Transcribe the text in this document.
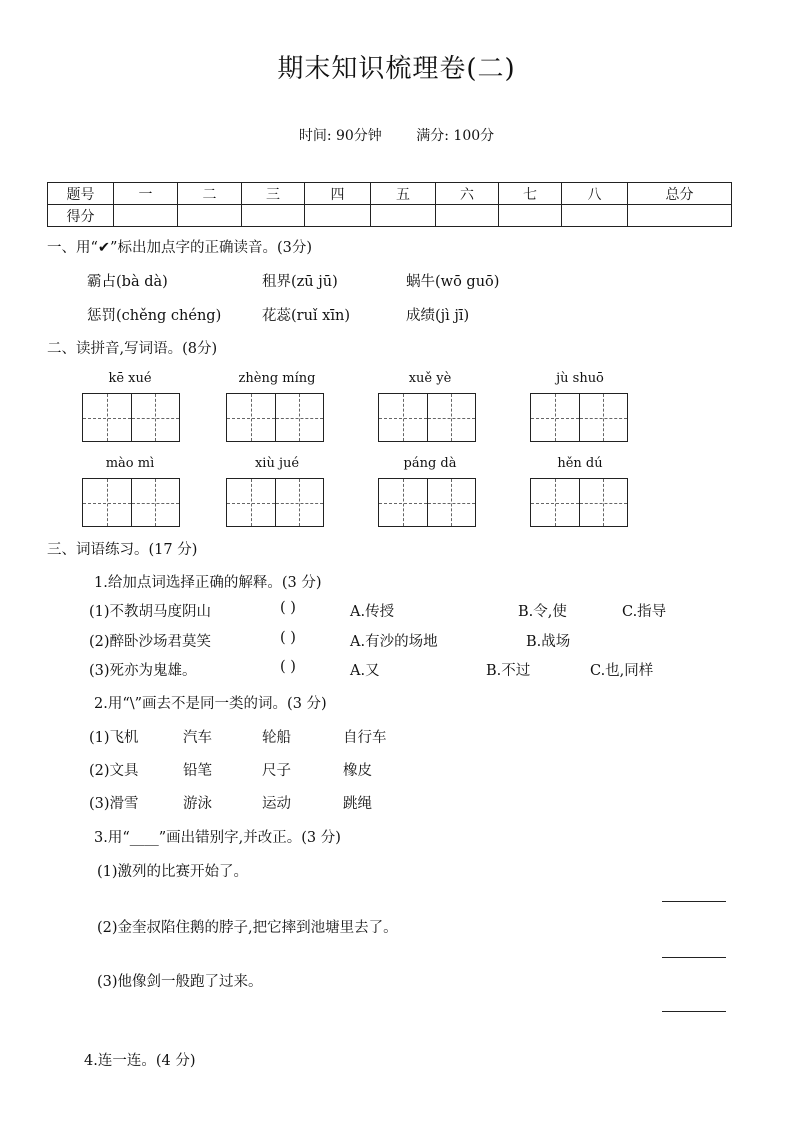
期末知识梳理卷(二)
时间: 90分钟 满分: 100分
题号	一	二	三	四	五	六	七	八	总分
得分									
一、用“✔”标出加点字的正确读音。(3分)
霸占(bà dà)	租界(zū jū)	蜗牛(wō guō)
惩罚(chěng chéng)	花蕊(ruǐ xīn)	成绩(jì jī)
二、读拼音,写词语。(8分)
kē xué	zhèng míng	xuě yè	jù shuō
mào mì	xiù jué	páng dà	hěn dú
三、词语练习。(17 分)
1.给加点词选择正确的解释。(3 分)
(1)不教胡马度阴山	( )	A.传授	B.令,使	C.指导
(2)醉卧沙场君莫笑	( )	A.有沙的场地	B.战场
(3)死亦为鬼雄。	( )	A.又	B.不过	C.也,同样
2.用“\”画去不是同一类的词。(3 分)
(1)飞机	汽车	轮船	自行车
(2)文具	铅笔	尺子	橡皮
(3)滑雪	游泳	运动	跳绳
3.用“____”画出错别字,并改正。(3 分)
(1)激列的比赛开始了。
(2)金奎叔陷住鹅的脖子,把它摔到池塘里去了。
(3)他像剑一般跑了过来。
4.连一连。(4 分)
